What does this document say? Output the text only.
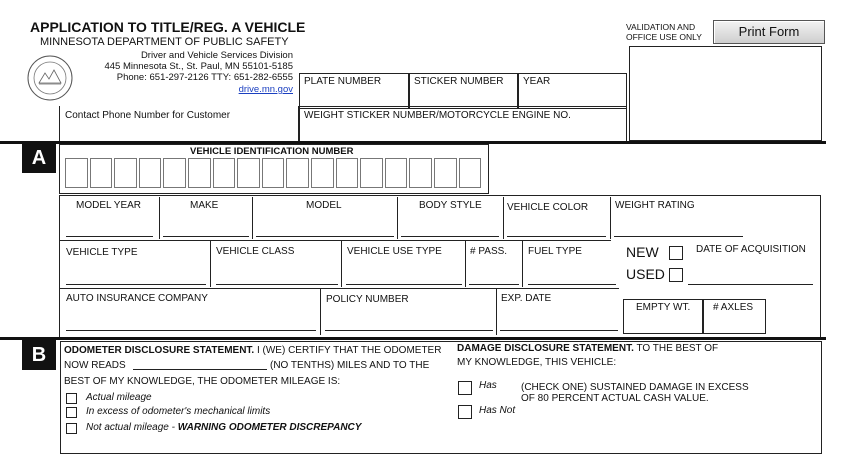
APPLICATION TO TITLE/REG. A VEHICLE
MINNESOTA DEPARTMENT OF PUBLIC SAFETY
Driver and Vehicle Services Division
445 Minnesota St., St. Paul, MN 55101-5185
Phone: 651-297-2126 TTY: 651-282-6555
drive.mn.gov
VALIDATION AND
OFFICE USE ONLY	Print Form
PLATE NUMBER	STICKER NUMBER YEAR
Contact Phone Number for Customer	WEIGHT STICKER NUMBER/MOTORCYCLE ENGINE NO.
A	VEHICLE IDENTIFICATION NUMBER
MODEL YEAR	MAKE	MODEL	BODY STYLE	VEHICLE COLOR	WEIGHT RATING
VEHICLE TYPE	VEHICLE CLASS	VEHICLE USE TYPE	# PASS. FUEL TYPE	NEW
USED
DATE OF ACQUISITION
AUTO INSURANCE COMPANY	POLICY NUMBER	EXP. DATE
EMPTY WT. # AXLES
B	ODOMETER DISCLOSURE STATEMENT. I (WE) CERTIFY THAT THE ODOMETER
NOW READS	(NO TENTHS) MILES AND TO THE
BEST OF MY KNOWLEDGE, THE ODOMETER MILEAGE IS:
Actual mileage
In excess of odometer's mechanical limits
Not actual mileage - WARNING ODOMETER DISCREPANCY
DAMAGE DISCLOSURE STATEMENT. TO THE BEST OF
MY KNOWLEDGE, THIS VEHICLE:
Has
Has Not
(CHECK ONE) SUSTAINED DAMAGE IN EXCESS
OF 80 PERCENT ACTUAL CASH VALUE.
